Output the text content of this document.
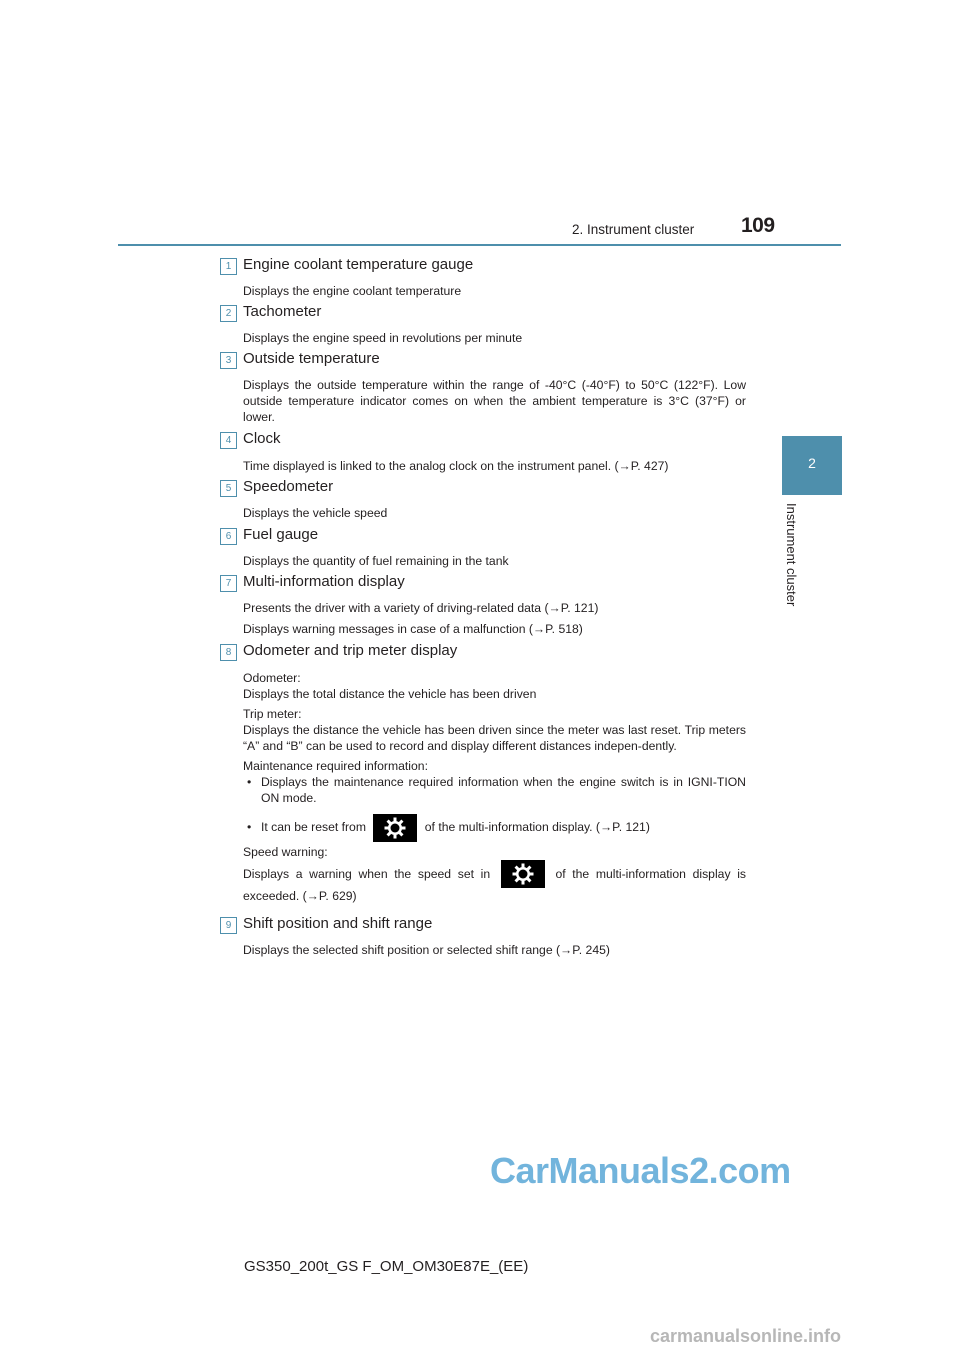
2. Instrument cluster 109
2
Instrument cluster
1 Engine coolant temperature gauge
Displays the engine coolant temperature
2 Tachometer
Displays the engine speed in revolutions per minute
3 Outside temperature
Displays the outside temperature within the range of -40°C (-40°F) to 50°C (122°F). Low outside temperature indicator comes on when the ambient temperature is 3°C (37°F) or lower.
4 Clock
Time displayed is linked to the analog clock on the instrument panel. (→P. 427)
5 Speedometer
Displays the vehicle speed
6 Fuel gauge
Displays the quantity of fuel remaining in the tank
7 Multi-information display

Presents the driver with a variety of driving-related data (→P. 121)

Displays warning messages in case of a malfunction (→P. 518)

8 Odometer and trip meter display

Odometer:

Displays the total distance the vehicle has been driven

Trip meter:

Displays the distance the vehicle has been driven since the meter was last reset. Trip meters “A” and “B” can be used to record and display different distances indepen-dently.

Maintenance required information:

• Displays the maintenance required information when the engine switch is in IGNI-TION ON mode.

• It can be reset from	of the multi-information display. (→P. 121)

Speed warning:

Displays a warning when the speed set in	of the multi-information display is exceeded. (→P. 629)

9 Shift position and shift range
Displays the selected shift position or selected shift range (→P. 245)
CarManuals2.com
GS350_200t_GS F_OM_OM30E87E_(EE)
carmanualsonline.info
